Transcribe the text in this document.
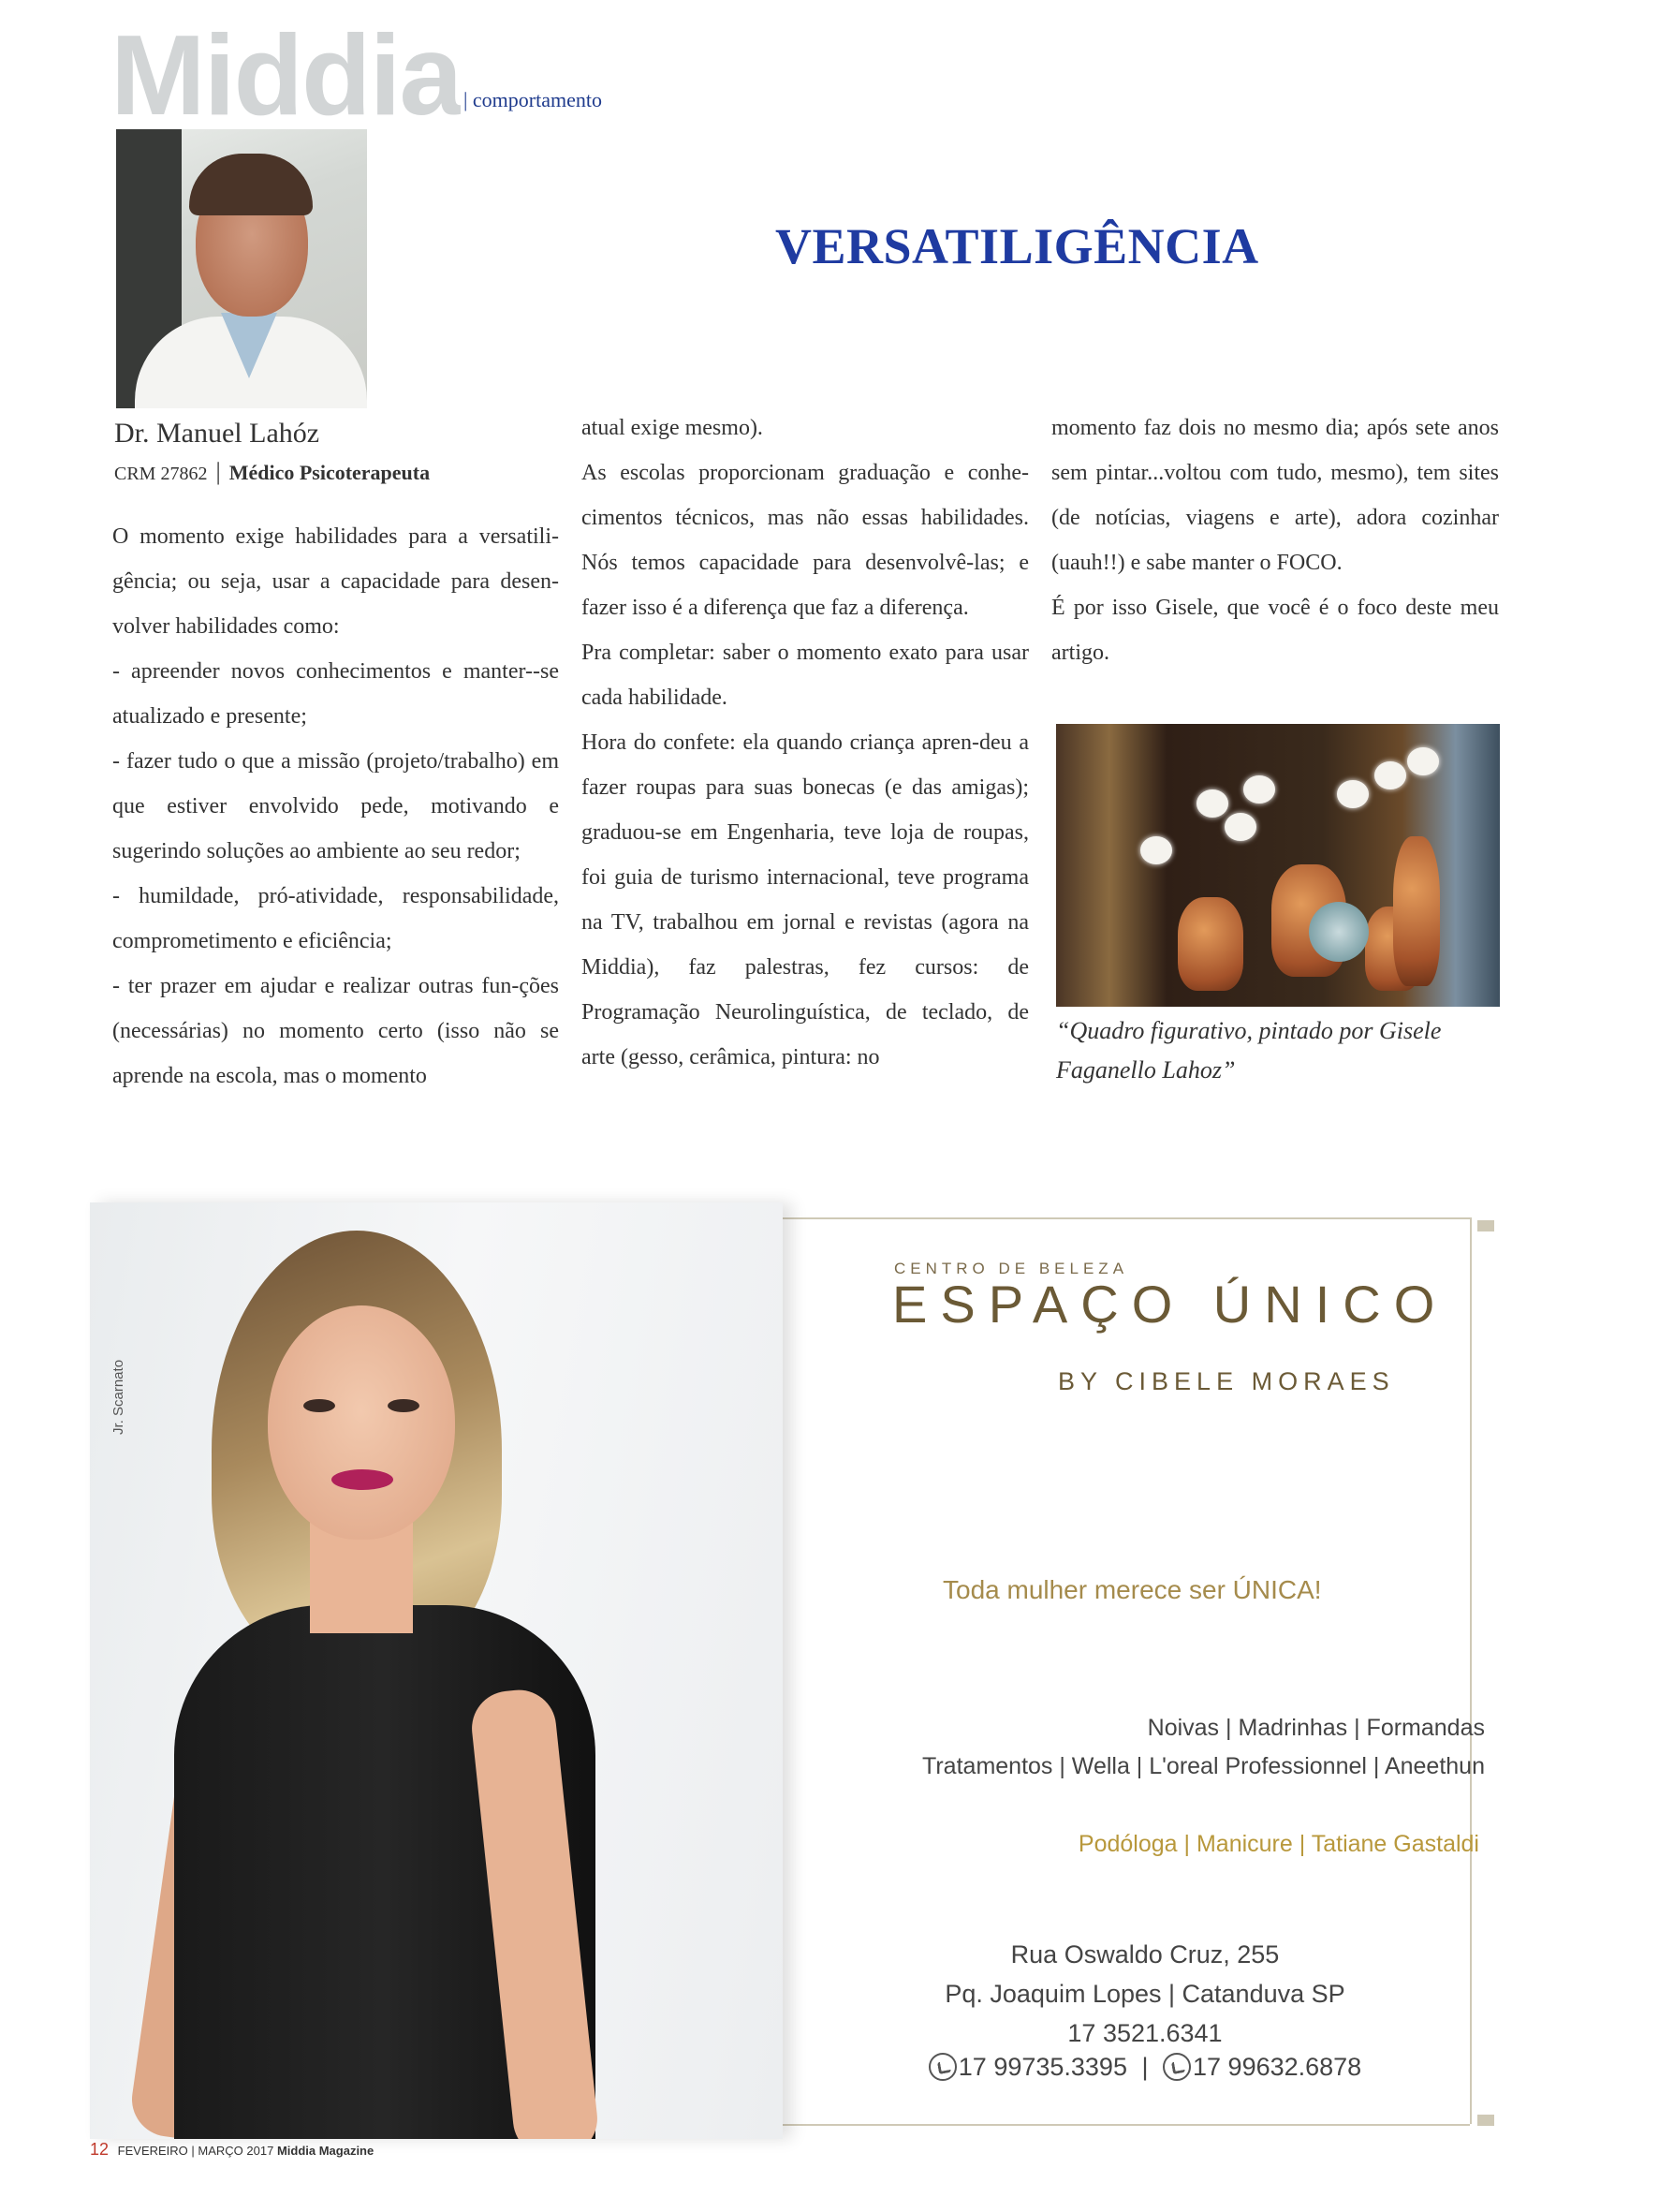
Middia | comportamento
Dr. Manuel Lahóz
CRM 27862 | Médico Psicoterapeuta
VERSATILIGÊNCIA

O momento exige habilidades para a versatili-gência; ou seja, usar a capacidade para desen-volver habilidades como:

- apreender novos conhecimentos e manter--se atualizado e presente;

- fazer tudo o que a missão (projeto/trabalho) em que estiver envolvido pede, motivando e sugerindo soluções ao ambiente ao seu redor;

- humildade, pró-atividade, responsabilidade, comprometimento e eficiência;

- ter prazer em ajudar e realizar outras fun-ções (necessárias) no momento certo (isso não se aprende na escola, mas o momento

atual exige mesmo).

As escolas proporcionam graduação e conhe-cimentos técnicos, mas não essas habilidades. Nós temos capacidade para desenvolvê-las; e fazer isso é a diferença que faz a diferença.

Pra completar: saber o momento exato para usar cada habilidade.

Hora do confete: ela quando criança apren-deu a fazer roupas para suas bonecas (e das amigas); graduou-se em Engenharia, teve loja de roupas, foi guia de turismo internacional, teve programa na TV, trabalhou em jornal e revistas (agora na Middia), faz palestras, fez cursos: de Programação Neurolinguística, de teclado, de arte (gesso, cerâmica, pintura: no

momento faz dois no mesmo dia; após sete anos sem pintar...voltou com tudo, mesmo), tem sites (de notícias, viagens e arte), adora cozinhar (uauh!!) e sabe manter o FOCO.

É por isso Gisele, que você é o foco deste meu artigo.

“Quadro figurativo, pintado por Gisele
Faganello Lahoz”
Jr. Scarnato
CENTRO DE BELEZA
ESPAÇO ÚNICO
BY CIBELE MORAES
Toda mulher merece ser ÚNICA!
Noivas | Madrinhas | Formandas
Tratamentos | Wella | L'oreal Professionnel | Aneethun
Podóloga | Manicure | Tatiane Gastaldi
Rua Oswaldo Cruz, 255
Pq. Joaquim Lopes | Catanduva SP
17 3521.6341
17 99735.3395 | 17 99632.6878
12 FEVEREIRO | MARÇO 2017 Middia Magazine
